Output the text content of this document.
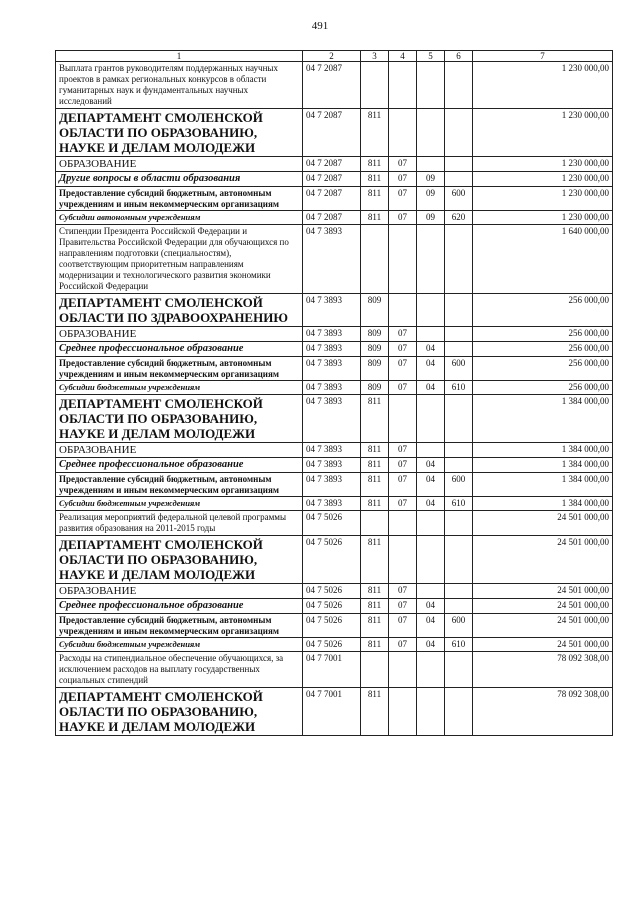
491
1	2	3	4	5	6	7
Выплата грантов руководителям поддержанных научных проектов в рамках региональных конкурсов в области гуманитарных наук и фундаментальных научных исследований	04 7 2087					1 230 000,00
ДЕПАРТАМЕНТ СМОЛЕНСКОЙ ОБЛАСТИ ПО ОБРАЗОВАНИЮ, НАУКЕ И ДЕЛАМ МОЛОДЕЖИ	04 7 2087	811				1 230 000,00
ОБРАЗОВАНИЕ	04 7 2087	811	07			1 230 000,00
Другие вопросы в области образования	04 7 2087	811	07	09		1 230 000,00
Предоставление субсидий бюджетным, автономным учреждениям и иным некоммерческим организациям	04 7 2087	811	07	09	600	1 230 000,00
Субсидии автономным учреждениям	04 7 2087	811	07	09	620	1 230 000,00
Стипендии Президента Российской Федерации и Правительства Российской Федерации для обучающихся по направлениям подготовки (специальностям), соответствующим приоритетным направлениям модернизации и технологического развития экономики Российской Федерации	04 7 3893					1 640 000,00
ДЕПАРТАМЕНТ СМОЛЕНСКОЙ ОБЛАСТИ ПО ЗДРАВООХРАНЕНИЮ	04 7 3893	809				256 000,00
ОБРАЗОВАНИЕ	04 7 3893	809	07			256 000,00
Среднее профессиональное образование	04 7 3893	809	07	04		256 000,00
Предоставление субсидий бюджетным, автономным учреждениям и иным некоммерческим организациям	04 7 3893	809	07	04	600	256 000,00
Субсидии бюджетным учреждениям	04 7 3893	809	07	04	610	256 000,00
ДЕПАРТАМЕНТ СМОЛЕНСКОЙ ОБЛАСТИ ПО ОБРАЗОВАНИЮ, НАУКЕ И ДЕЛАМ МОЛОДЕЖИ	04 7 3893	811				1 384 000,00
ОБРАЗОВАНИЕ	04 7 3893	811	07			1 384 000,00
Среднее профессиональное образование	04 7 3893	811	07	04		1 384 000,00
Предоставление субсидий бюджетным, автономным учреждениям и иным некоммерческим организациям	04 7 3893	811	07	04	600	1 384 000,00
Субсидии бюджетным учреждениям	04 7 3893	811	07	04	610	1 384 000,00
Реализация мероприятий федеральной целевой программы развития образования на 2011-2015 годы	04 7 5026					24 501 000,00
ДЕПАРТАМЕНТ СМОЛЕНСКОЙ ОБЛАСТИ ПО ОБРАЗОВАНИЮ, НАУКЕ И ДЕЛАМ МОЛОДЕЖИ	04 7 5026	811				24 501 000,00
ОБРАЗОВАНИЕ	04 7 5026	811	07			24 501 000,00
Среднее профессиональное образование	04 7 5026	811	07	04		24 501 000,00
Предоставление субсидий бюджетным, автономным учреждениям и иным некоммерческим организациям	04 7 5026	811	07	04	600	24 501 000,00
Субсидии бюджетным учреждениям	04 7 5026	811	07	04	610	24 501 000,00
Расходы на стипендиальное обеспечение обучающихся, за исключением расходов на выплату государственных социальных стипендий	04 7 7001					78 092 308,00
ДЕПАРТАМЕНТ СМОЛЕНСКОЙ ОБЛАСТИ ПО ОБРАЗОВАНИЮ, НАУКЕ И ДЕЛАМ МОЛОДЕЖИ	04 7 7001	811				78 092 308,00
